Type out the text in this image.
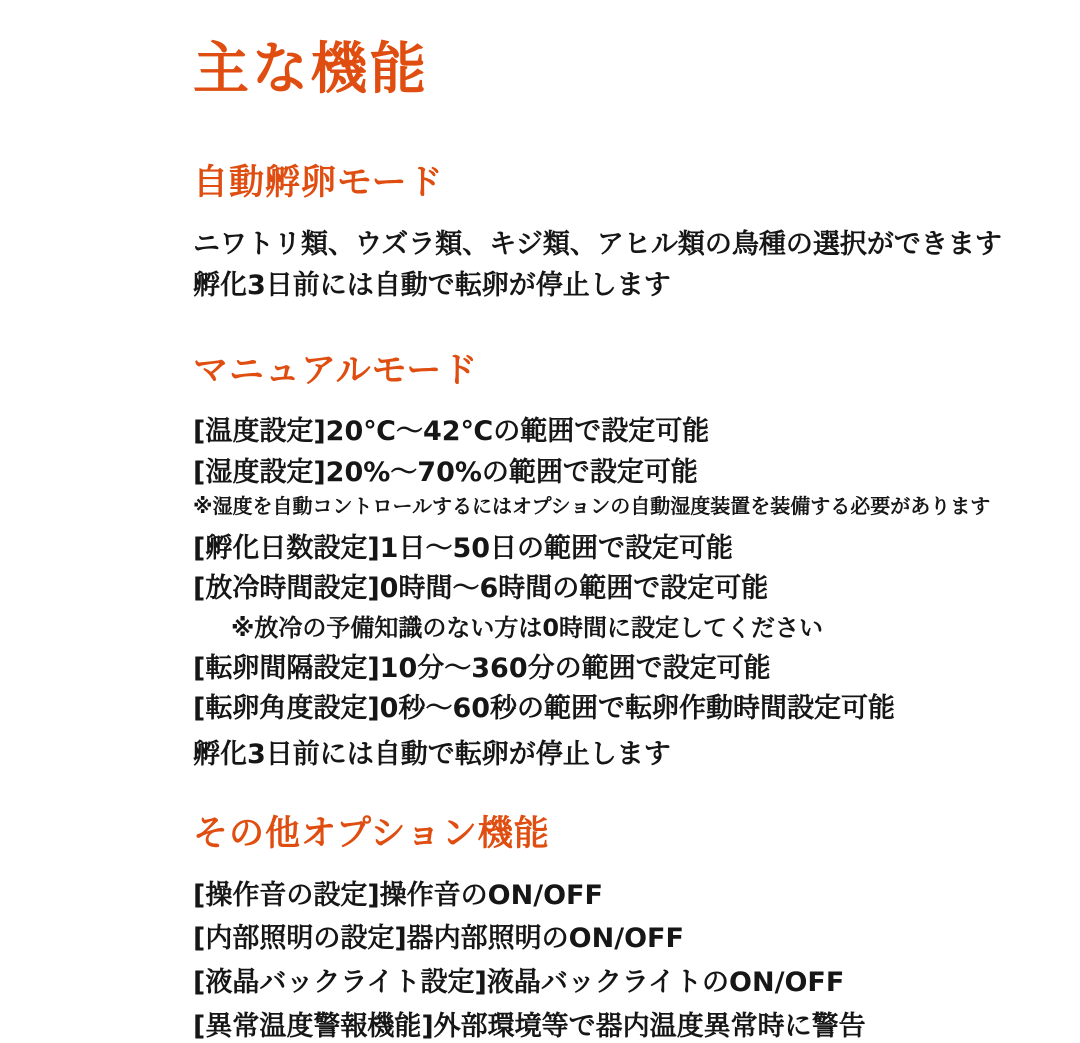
主な機能
自動孵卵モード
ニワトリ類、ウズラ類、キジ類、アヒル類の鳥種の選択ができます
孵化3日前には自動で転卵が停止します
マニュアルモード
[温度設定]20℃～42℃の範囲で設定可能
[湿度設定]20%～70%の範囲で設定可能
※湿度を自動コントロールするにはオプションの自動湿度装置を装備する必要があります
[孵化日数設定]1日～50日の範囲で設定可能
[放冷時間設定]0時間～6時間の範囲で設定可能
※放冷の予備知識のない方は0時間に設定してください
[転卵間隔設定]10分～360分の範囲で設定可能
[転卵角度設定]0秒～60秒の範囲で転卵作動時間設定可能
孵化3日前には自動で転卵が停止します
その他オプション機能
[操作音の設定]操作音のON/OFF
[内部照明の設定]器内部照明のON/OFF
[液晶バックライト設定]液晶バックライトのON/OFF
[異常温度警報機能]外部環境等で器内温度異常時に警告
